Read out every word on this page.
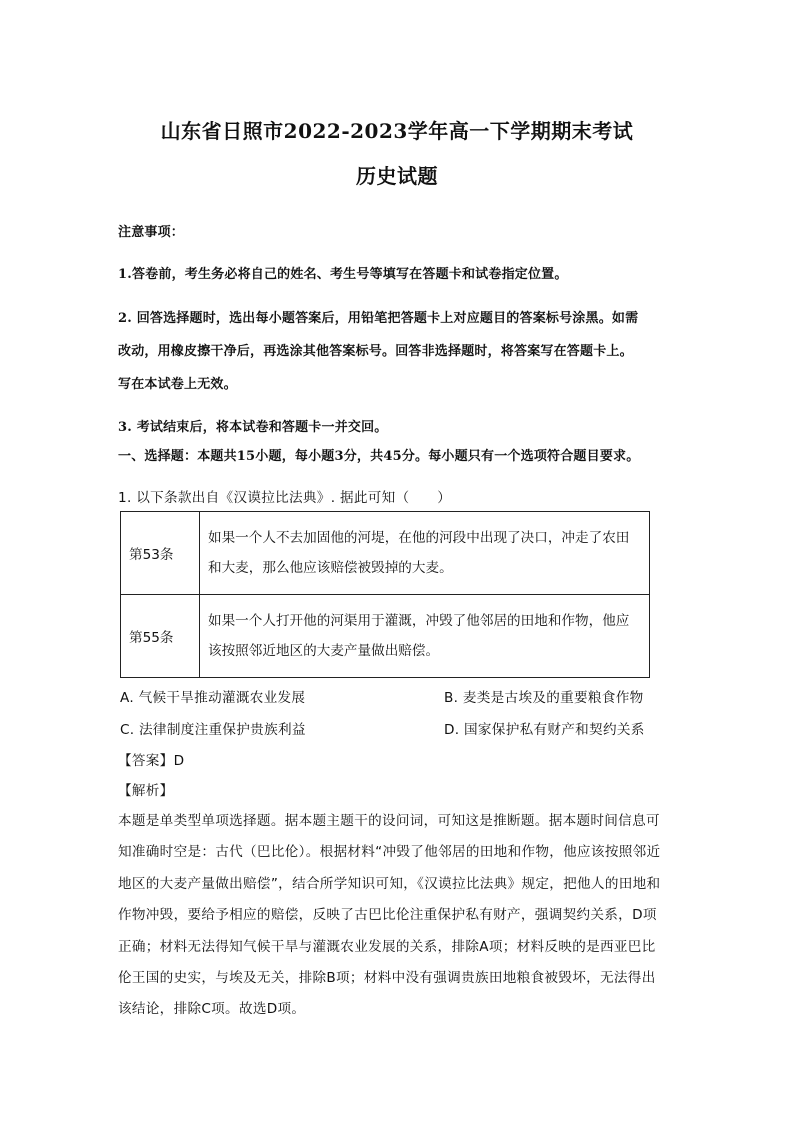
山东省日照市2022-2023学年高一下学期期末考试
历史试题
注意事项：
1.答卷前，考生务必将自己的姓名、考生号等填写在答题卡和试卷指定位置。
2. 回答选择题时，选出每小题答案后，用铅笔把答题卡上对应题目的答案标号涂黑。如需
改动，用橡皮擦干净后，再选涂其他答案标号。回答非选择题时，将答案写在答题卡上。
写在本试卷上无效。
3. 考试结束后，将本试卷和答题卡一并交回。
一、选择题：本题共15小题，每小题3分，共45分。每小题只有一个选项符合题目要求。
1. 以下条款出自《汉谟拉比法典》. 据此可知（　　）
第53条	如果一个人不去加固他的河堤，在他的河段中出现了决口，冲走了农田和大麦，那么他应该赔偿被毁掉的大麦。
第55条	如果一个人打开他的河渠用于灌溉，冲毁了他邻居的田地和作物，他应该按照邻近地区的大麦产量做出赔偿。
A. 气候干旱推动灌溉农业发展	B. 麦类是古埃及的重要粮食作物
C. 法律制度注重保护贵族利益	D. 国家保护私有财产和契约关系
【答案】D
【解析】
本题是单类型单项选择题。据本题主题干的设问词，可知这是推断题。据本题时间信息可
知准确时空是：古代（巴比伦）。根据材料“冲毁了他邻居的田地和作物，他应该按照邻近
地区的大麦产量做出赔偿”，结合所学知识可知，《汉谟拉比法典》规定，把他人的田地和
作物冲毁，要给予相应的赔偿，反映了古巴比伦注重保护私有财产，强调契约关系，D项
正确；材料无法得知气候干旱与灌溉农业发展的关系，排除A项；材料反映的是西亚巴比
伦王国的史实，与埃及无关，排除B项；材料中没有强调贵族田地粮食被毁坏，无法得出
该结论，排除C项。故选D项。
